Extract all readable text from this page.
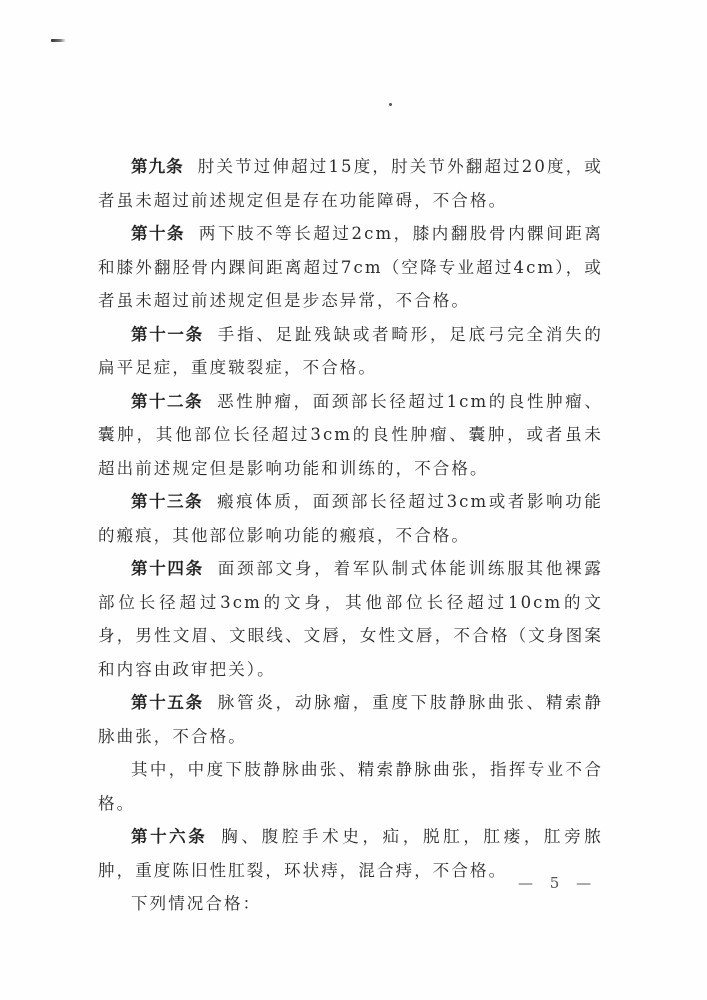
第九条 肘关节过伸超过15度，肘关节外翻超过20度，或者虽未超过前述规定但是存在功能障碍，不合格。

第十条 两下肢不等长超过2cm，膝内翻股骨内髁间距离和膝外翻胫骨内踝间距离超过7cm（空降专业超过4cm），或者虽未超过前述规定但是步态异常，不合格。

第十一条 手指、足趾残缺或者畸形，足底弓完全消失的扁平足症，重度皲裂症，不合格。

第十二条 恶性肿瘤，面颈部长径超过1cm的良性肿瘤、囊肿，其他部位长径超过3cm的良性肿瘤、囊肿，或者虽未超出前述规定但是影响功能和训练的，不合格。

第十三条 瘢痕体质，面颈部长径超过3cm或者影响功能的瘢痕，其他部位影响功能的瘢痕，不合格。

第十四条 面颈部文身，着军队制式体能训练服其他裸露部位长径超过3cm的文身，其他部位长径超过10cm的文身，男性文眉、文眼线、文唇，女性文唇，不合格（文身图案和内容由政审把关）。

第十五条 脉管炎，动脉瘤，重度下肢静脉曲张、精索静脉曲张，不合格。

其中，中度下肢静脉曲张、精索静脉曲张，指挥专业不合格。

第十六条 胸、腹腔手术史，疝，脱肛，肛瘘，肛旁脓肿，重度陈旧性肛裂，环状痔，混合痔，不合格。

下列情况合格：

— 5 —
